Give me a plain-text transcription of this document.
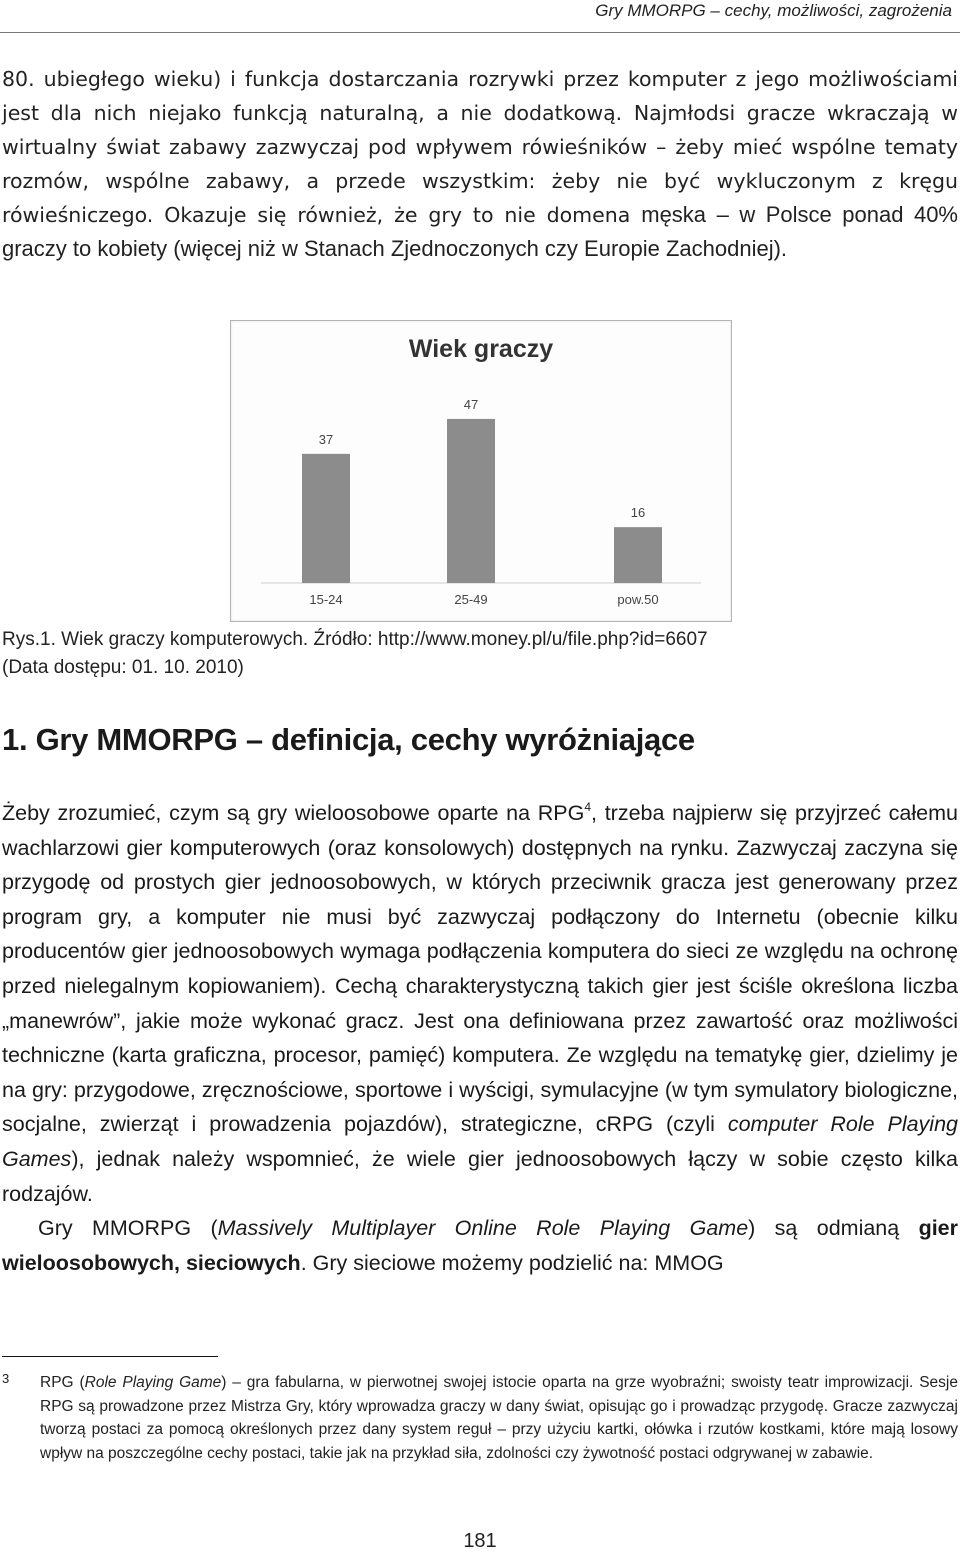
Gry MMORPG – cechy, możliwości, zagrożenia

80. ubiegłego wieku) i funkcja dostarczania rozrywki przez komputer z jego możliwościami jest dla nich niejako funkcją naturalną, a nie dodatkową. Najmłodsi gracze wkraczają w wirtualny świat zabawy zazwyczaj pod wpływem rówieśników – żeby mieć wspólne tematy rozmów, wspólne zabawy, a przede wszystkim: żeby nie być wykluczonym z kręgu rówieśniczego. Okazuje się również, że gry to nie domena męska – w Polsce ponad 40% graczy to kobiety (więcej niż w Stanach Zjednoczonych czy Europie Zachodniej).

Wiek graczy
37
15-24
47
25-49
16
pow.50
Rys.1. Wiek graczy komputerowych. Źródło: http://www.money.pl/u/file.php?id=6607
(Data dostępu: 01. 10. 2010)
1. Gry MMORPG – definicja, cechy wyróżniające

Żeby zrozumieć, czym są gry wieloosobowe oparte na RPG$^4$, trzeba najpierw się przyjrzeć całemu wachlarzowi gier komputerowych (oraz konsolowych) dostępnych na rynku. Zazwyczaj zaczyna się przygodę od prostych gier jednoosobowych, w których przeciwnik gracza jest generowany przez program gry, a komputer nie musi być zazwyczaj podłączony do Internetu (obecnie kilku producentów gier jednoosobowych wymaga podłączenia komputera do sieci ze względu na ochronę przed nielegalnym kopiowaniem). Cechą charakterystyczną takich gier jest ściśle określona liczba „manewrów”, jakie może wykonać gracz. Jest ona definiowana przez zawartość oraz możliwości techniczne (karta graficzna, procesor, pamięć) komputera. Ze względu na tematykę gier, dzielimy je na gry: przygodowe, zręcznościowe, sportowe i wyścigi, symulacyjne (w tym symulatory biologiczne, socjalne, zwierząt i prowadzenia pojazdów), strategiczne, cRPG (czyli computer Role Playing Games), jednak należy wspomnieć, że wiele gier jednoosobowych łączy w sobie często kilka rodzajów.

Gry MMORPG (Massively Multiplayer Online Role Playing Game) są odmianą gier wieloosobowych, sieciowych. Gry sieciowe możemy podzielić na: MMOG

3 RPG (Role Playing Game) – gra fabularna, w pierwotnej swojej istocie oparta na grze wyobraźni; swoisty teatr improwizacji. Sesje RPG są prowadzone przez Mistrza Gry, który wprowadza graczy w dany świat, opisując go i prowadząc przygodę. Gracze zazwyczaj tworzą postaci za pomocą określonych przez dany system reguł – przy użyciu kartki, ołówka i rzutów kostkami, które mają losowy wpływ na poszczególne cechy postaci, takie jak na przykład siła, zdolności czy żywotność postaci odgrywanej w zabawie.

181
